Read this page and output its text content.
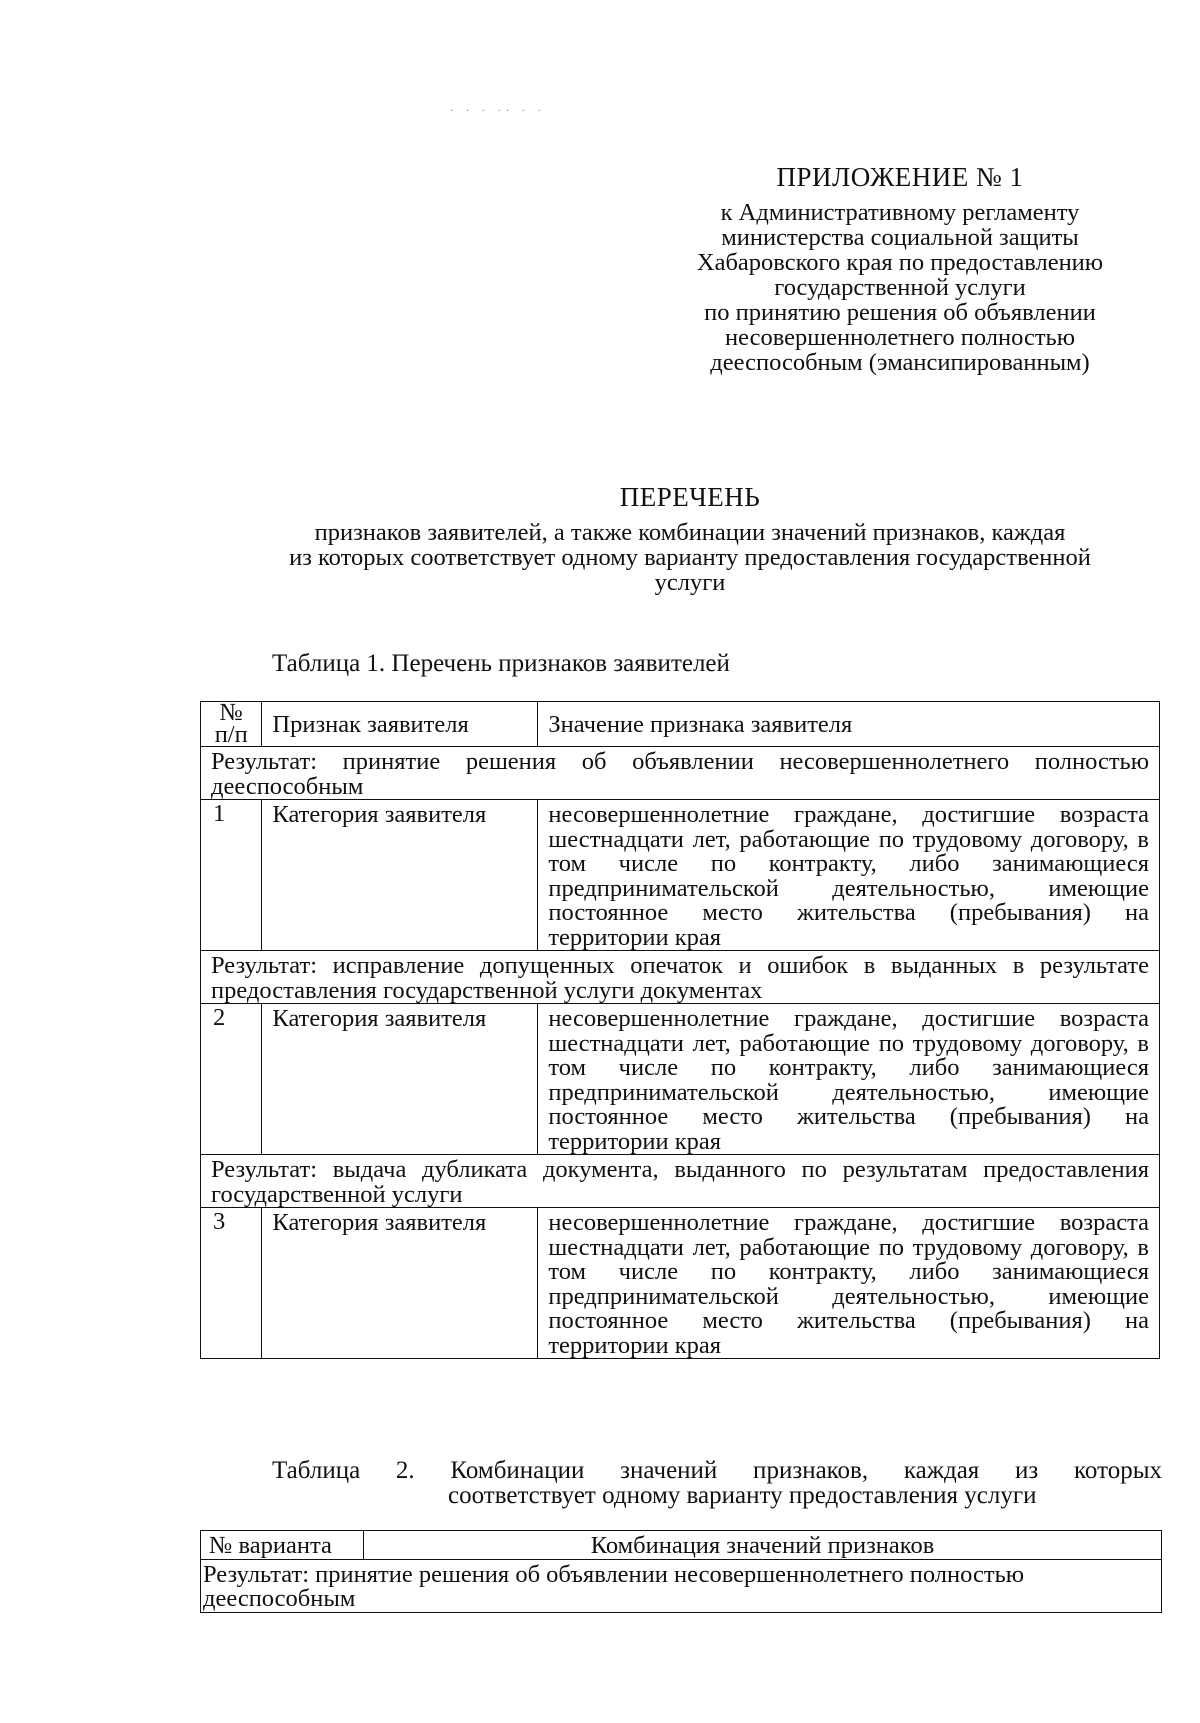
· · · ·· · ·
ПРИЛОЖЕНИЕ № 1
к Административному регламенту
министерства социальной защиты
Хабаровского края по предоставлению
государственной услуги
по принятию решения об объявлении
несовершеннолетнего полностью
дееспособным (эмансипированным)
ПЕРЕЧЕНЬ
признаков заявителей, а также комбинации значений признаков, каждая
из которых соответствует одному варианту предоставления государственной
услуги
Таблица 1. Перечень признаков заявителей
№ п/п	Признак заявителя	Значение признака заявителя
Результат: принятие решения об объявлении несовершеннолетнего полностью дееспособным		
1	Категория заявителя	несовершеннолетние граждане, достигшие возраста шестнадцати лет, работающие по трудовому договору, в том числе по контракту, либо занимающиеся предпринимательской деятельностью, имеющие постоянное место жительства (пребывания) на территории края
Результат: исправление допущенных опечаток и ошибок в выданных в результате предоставления государственной услуги документах		
2	Категория заявителя	несовершеннолетние граждане, достигшие возраста шестнадцати лет, работающие по трудовому договору, в том числе по контракту, либо занимающиеся предпринимательской деятельностью, имеющие постоянное место жительства (пребывания) на территории края
Результат: выдача дубликата документа, выданного по результатам предоставления государственной услуги		
3	Категория заявителя	несовершеннолетние граждане, достигшие возраста шестнадцати лет, работающие по трудовому договору, в том числе по контракту, либо занимающиеся предпринимательской деятельностью, имеющие постоянное место жительства (пребывания) на территории края
Таблица 2. Комбинации значений признаков, каждая из которых
соответствует одному варианту предоставления услуги
№ варианта	Комбинация значений признаков
Результат: принятие решения об объявлении несовершеннолетнего полностью дееспособным
